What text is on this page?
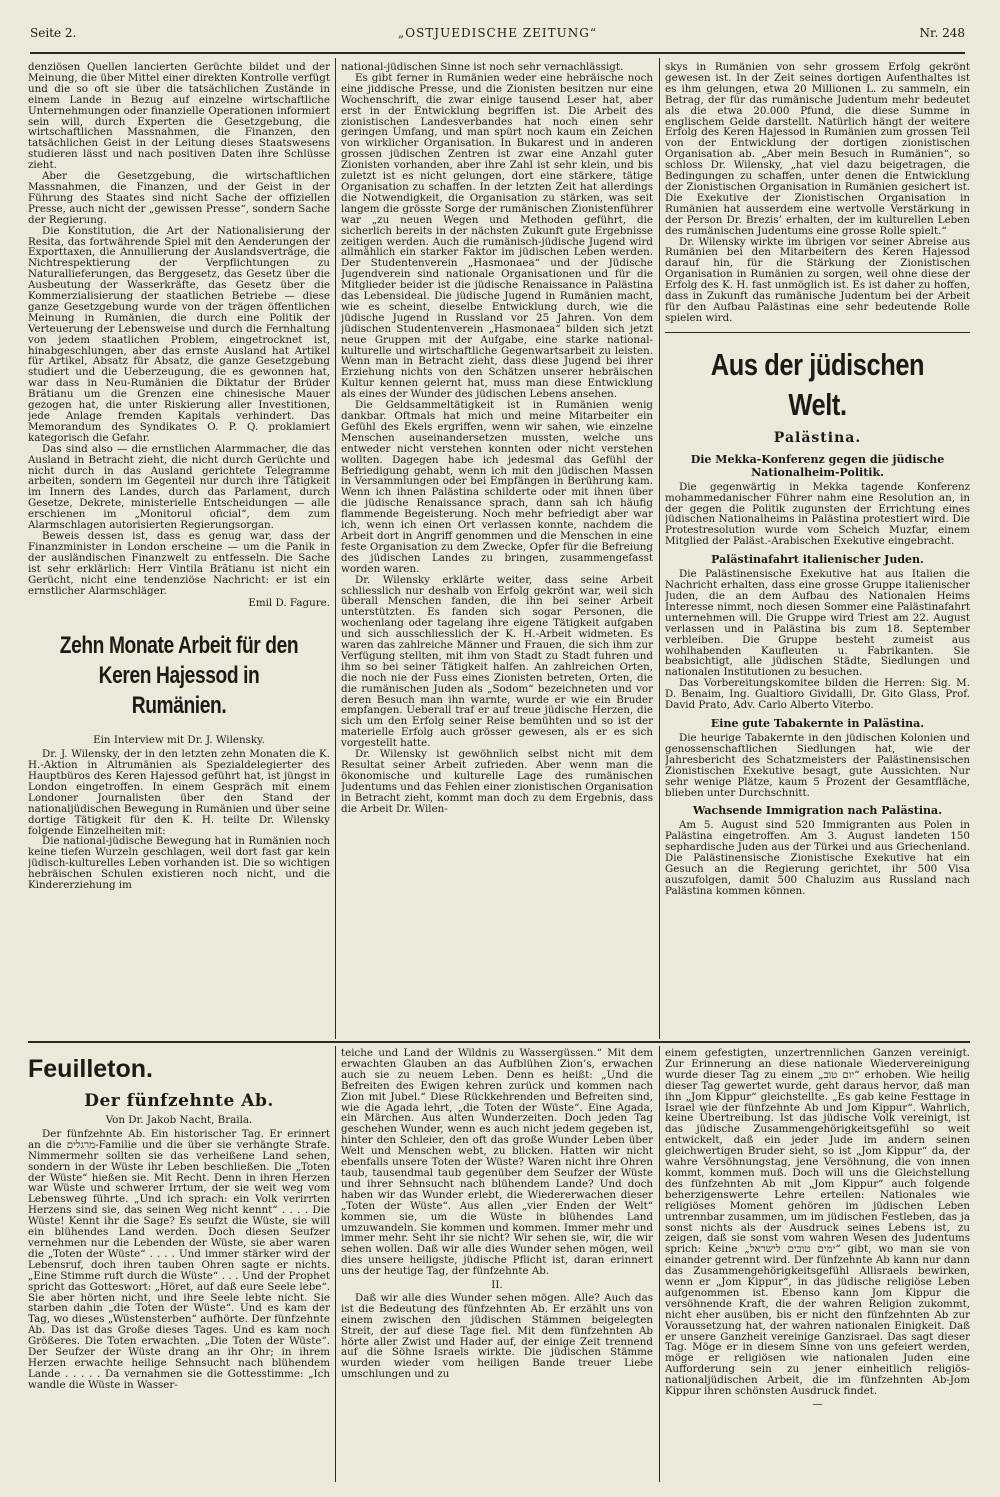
Seite 2.	„OSTJUEDISCHE ZEITUNG“	Nr. 248

denziösen Quellen lancierten Gerüchte bildet und der Meinung, die über Mittel einer direkten Kontrolle verfügt und die so oft sie über die tatsächlichen Zustände in einem Lande in Bezug auf einzelne wirtschaftliche Unternehmungen oder finanzielle Operationen informiert sein will, durch Experten die Gesetzgebung, die wirtschaftlichen Massnahmen, die Finanzen, den tatsächlichen Geist in der Leitung dieses Staatswesens studieren lässt und nach positiven Daten ihre Schlüsse zieht.

Aber die Gesetzgebung, die wirtschaftlichen Massnahmen, die Finanzen, und der Geist in der Führung des Staates sind nicht Sache der offiziellen Presse, auch nicht der „gewissen Presse“, sondern Sache der Regierung.

Die Konstitution, die Art der Nationalisierung der Resita, das fortwährende Spiel mit den Aenderungen der Exporttaxen, die Annullierung der Auslandsverträge, die Nichtrespektierung der Verpflichtungen zu Naturallieferungen, das Berggesetz, das Gesetz über die Ausbeutung der Wasserkräfte, das Gesetz über die Kommerzialisierung der staatlichen Betriebe — diese ganze Gesetzgebung wurde von der trägen öffentlichen Meinung in Rumänien, die durch eine Politik der Verteuerung der Lebensweise und durch die Fernhaltung von jedem staatlichen Problem, eingetrocknet ist, hinabgeschlungen, aber das ernste Ausland hat Artikel für Artikel, Absatz für Absatz, die ganze Gesetzgebung studiert und die Ueberzeugung, die es gewonnen hat, war dass in Neu-Rumänien die Diktatur der Brüder Brătianu um die Grenzen eine chinesische Mauer gezogen hat, die unter Riskierung aller Investitionen, jede Anlage fremden Kapitals verhindert. Das Memorandum des Syndikates O. P. Q. proklamiert kategorisch die Gefahr.

Das sind also — die ernstlichen Alarmmacher, die das Ausland in Betracht zieht, die nicht durch Gerüchte und nicht durch in das Ausland gerichtete Telegramme arbeiten, sondern im Gegenteil nur durch ihre Tätigkeit im Innern des Landes, durch das Parlament, durch Gesetze, Dekrete, ministerielle Entscheidungen — alle erschienen im „Monitorul oficial“, dem zum Alarmschlagen autorisierten Regierungsorgan.

Beweis dessen ist, dass es genug war, dass der Finanzminister in London erscheine — um die Panik in der ausländischen Finanzwelt zu entfesseln. Die Sache ist sehr erklärlich: Herr Vintila Brătianu ist nicht ein Gerücht, nicht eine tendenziöse Nachricht: er ist ein ernstlicher Alarmschläger.

Emil D. Fagure.

Zehn Monate Arbeit für den Keren Hajessod in Rumänien.

Ein Interview mit Dr. J. Wilensky.

Dr. J. Wilensky, der in den letzten zehn Monaten die K. H.-Aktion in Altrumänien als Spezialdelegierter des Hauptbüros des Keren Hajessod geführt hat, ist jüngst in London eingetroffen. In einem Gespräch mit einem Londoner Journalisten über den Stand der nationaljüdischen Bewegung in Rumänien und über seine dortige Tätigkeit für den K. H. teilte Dr. Wilensky folgende Einzelheiten mit:

Die national-jüdische Bewegung hat in Rumänien noch keine tiefen Wurzeln geschlagen, weil dort fast gar kein jüdisch-kulturelles Leben vorhanden ist. Die so wichtigen hebräischen Schulen existieren noch nicht, und die Kindererziehung im

national-jüdischen Sinne ist noch sehr vernachlässigt.

Es gibt ferner in Rumänien weder eine hebräische noch eine jiddische Presse, und die Zionisten besitzen nur eine Wochenschrift, die zwar einige tausend Leser hat, aber erst in der Entwicklung begriffen ist. Die Arbeit des zionistischen Landesverbandes hat noch einen sehr geringen Umfang, und man spürt noch kaum ein Zeichen von wirklicher Organisation. In Bukarest und in anderen grossen jüdischen Zentren ist zwar eine Anzahl guter Zionisten vorhanden, aber ihre Zahl ist sehr klein, und bis zuletzt ist es nicht gelungen, dort eine stärkere, tätige Organisation zu schaffen. In der letzten Zeit hat allerdings die Notwendigkeit, die Organisation zu stärken, was seit langem die grösste Sorge der rumänischen Zionistenführer war „zu neuen Wegen und Methoden geführt, die sicherlich bereits in der nächsten Zukunft gute Ergebnisse zeitigen werden. Auch die rumänisch-jüdische Jugend wird allmählich ein starker Faktor im jüdischen Leben werden. Der Studentenverein „Hasmonaea“ und der Jüdische Jugendverein sind nationale Organisationen und für die Mitglieder beider ist die jüdische Renaissance in Palästina das Lebensideal. Die jüdische Jugend in Rumänien macht, wie es scheint, dieselbe Entwicklung durch, wie die jüdische Jugend in Russland vor 25 Jahren. Von dem jüdischen Studentenverein „Hasmonaea“ bilden sich jetzt neue Gruppen mit der Aufgabe, eine starke national-kulturelle und wirtschaftliche Gegenwartsarbeit zu leisten. Wenn man in Betracht zieht, dass diese Jugend bei ihrer Erziehung nichts von den Schätzen unserer hebräischen Kultur kennen gelernt hat, muss man diese Entwicklung als eines der Wunder des jüdischen Lebens ansehen.

Die Geldsammeltätigkeit ist in Rumänien wenig dankbar. Oftmals hat mich und meine Mitarbeiter ein Gefühl des Ekels ergriffen, wenn wir sahen, wie einzelne Menschen auseinandersetzen mussten, welche uns entweder nicht verstehen konnten oder nicht verstehen wollten. Dagegen habe ich jedesmal das Gefühl der Befriedigung gehabt, wenn ich mit den jüdischen Massen in Versammlungen oder bei Empfängen in Berührung kam. Wenn ich ihnen Palästina schilderte oder mit ihnen über die jüdische Renaissance sprach, dann sah ich häufig flammende Begeisterung. Noch mehr befriedigt aber war ich, wenn ich einen Ort verlassen konnte, nachdem die Arbeit dort in Angriff genommen und die Menschen in eine feste Organisation zu dem Zwecke, Opfer für die Befreiung des jüdischen Landes zu bringen, zusammengefasst worden waren.

Dr. Wilensky erklärte weiter, dass seine Arbeit schliesslich nur deshalb von Erfolg gekrönt war, weil sich überall Menschen fanden, die ihn bei seiner Arbeit unterstützten. Es fanden sich sogar Personen, die wochenlang oder tagelang ihre eigene Tätigkeit aufgaben und sich ausschliesslich der K. H.-Arbeit widmeten. Es waren das zahlreiche Männer und Frauen, die sich ihm zur Verfügung stellten, mit ihm von Stadt zu Stadt fuhren und ihm so bei seiner Tätigkeit halfen. An zahlreichen Orten, die noch nie der Fuss eines Zionisten betreten, Orten, die die rumänischen Juden als „Sodom“ bezeichneten und vor deren Besuch man ihn warnte, wurde er wie ein Bruder empfangen. Ueberall traf er auf treue jüdische Herzen, die sich um den Erfolg seiner Reise bemühten und so ist der materielle Erfolg auch grösser gewesen, als er es sich vorgestellt hatte.

Dr. Wilensky ist gewöhnlich selbst nicht mit dem Resultat seiner Arbeit zufrieden. Aber wenn man die ökonomische und kulturelle Lage des rumänischen Judentums und das Fehlen einer zionistischen Organisation in Betracht zieht, kommt man doch zu dem Ergebnis, dass die Arbeit Dr. Wilen-

skys in Rumänien von sehr grossem Erfolg gekrönt gewesen ist. In der Zeit seines dortigen Aufenthaltes ist es ihm gelungen, etwa 20 Millionen L. zu sammeln, ein Betrag, der für das rumänische Judentum mehr bedeutet als die etwa 20.000 Pfund, die diese Summe in englischem Gelde darstellt. Natürlich hängt der weitere Erfolg des Keren Hajessod in Rumänien zum grossen Teil von der Entwicklung der dortigen zionistischen Organisation ab. „Aber mein Besuch in Rumänien“, so schloss Dr. Wilensky, „hat viel dazu beigetragen, die Bedingungen zu schaffen, unter denen die Entwicklung der Zionistischen Organisation in Rumänien gesichert ist. Die Exekutive der Zionistischen Organisation in Rumänien hat ausserdem eine wertvolle Verstärkung in der Person Dr. Brezis’ erhalten, der im kulturellen Leben des rumänischen Judentums eine grosse Rolle spielt.“

Dr. Wilensky wirkte im übrigen vor seiner Abreise aus Rumänien bei den Mitarbeitern des Keren Hajessod darauf hin, für die Stärkung der Zionistischen Organisation in Rumänien zu sorgen, weil ohne diese der Erfolg des K. H. fast unmöglich ist. Es ist daher zu hoffen, dass in Zukunft das rumänische Judentum bei der Arbeit für den Aufbau Palästinas eine sehr bedeutende Rolle spielen wird.

Aus der jüdischen Welt.

Palästina.

Die Mekka-Konferenz gegen die jüdische Nationalheim-Politik.

Die gegenwärtig in Mekka tagende Konferenz mohammedanischer Führer nahm eine Resolution an, in der gegen die Politik zugunsten der Errichtung eines jüdischen Nationalheims in Palästina protestiert wird. Die Protestresolution wurde vom Scheich Muzfar, einem Mitglied der Paläst.-Arabischen Exekutive eingebracht.

Palästinafahrt italienischer Juden.

Die Palästinensische Exekutive hat aus Italien die Nachricht erhalten, dass eine grosse Gruppe italienischer Juden, die an dem Aufbau des Nationalen Heims Interesse nimmt, noch diesen Sommer eine Palästinafahrt unternehmen will. Die Gruppe wird Triest am 22. August verlassen und in Palästina bis zum 18. September verbleiben. Die Gruppe besteht zumeist aus wohlhabenden Kaufleuten u. Fabrikanten. Sie beabsichtigt, alle jüdischen Städte, Siedlungen und nationalen Institutionen zu besuchen.

Das Vorbereitungskomitee bilden die Herren: Sig. M. D. Benaim, Ing. Gualtioro Gividalli, Dr. Gito Glass, Prof. David Prato, Adv. Carlo Alberto Viterbo.

Eine gute Tabakernte in Palästina.

Die heurige Tabakernte in den jüdischen Kolonien und genossenschaftlichen Siedlungen hat, wie der Jahresbericht des Schatzmeisters der Palästinensischen Zionistischen Exekutive besagt, gute Aussichten. Nur sehr wenige Plätze, kaum 5 Prozent der Gesamtfläche, blieben unter Durchschnitt.

Wachsende Immigration nach Palästina.

Am 5. August sind 520 Immigranten aus Polen in Palästina eingetroffen. Am 3. August landeten 150 sephardische Juden aus der Türkei und aus Griechenland. Die Palästinensische Zionistische Exekutive hat ein Gesuch an die Regierung gerichtet, ihr 500 Visa auszufolgen, damit 500 Chaluzim aus Russland nach Palästina kommen können.

Feuilleton.

Der fünfzehnte Ab.

Von Dr. Jakob Nacht, Braila.

Der fünfzehnte Ab. Ein historischer Tag. Er erinnert an die מרגלים-Familie und die über sie verhängte Strafe. Nimmermehr sollten sie das verheißene Land sehen, sondern in der Wüste ihr Leben beschließen. Die „Toten der Wüste“ hießen sie. Mit Recht. Denn in ihren Herzen war Wüste und schwerer Irrtum, der sie weit weg vom Lebensweg führte. „Und ich sprach: ein Volk verirrten Herzens sind sie, das seinen Weg nicht kennt“ . . . . Die Wüste! Kennt ihr die Sage? Es seufzt die Wüste, sie will ein blühendes Land werden. Doch diesen Seufzer vernehmen nur die Lebenden der Wüste, sie aber waren die „Toten der Wüste“ . . . . Und immer stärker wird der Lebensruf, doch ihren tauben Ohren sagte er nichts. „Eine Stimme ruft durch die Wüste“ . . . Und der Prophet spricht das Gotteswort: „Höret, auf daß eure Seele lebe“. Sie aber hörten nicht, und ihre Seele lebte nicht. Sie starben dahin „die Toten der Wüste“. Und es kam der Tag, wo dieses „Wüstensterben“ aufhörte. Der fünfzehnte Ab. Das ist das Große dieses Tages. Und es kam noch Größeres. Die Toten erwachten. „Die Toten der Wüste“. Der Seufzer der Wüste drang an ihr Ohr; in ihrem Herzen erwachte heilige Sehnsucht nach blühendem Lande . . . . . Da vernahmen sie die Gottesstimme: „Ich wandle die Wüste in Wasser-

teiche und Land der Wildnis zu Wassergüssen.“ Mit dem erwachten Glauben an das Aufblühen Zion’s, erwachen auch sie zu neuem Leben. Denn es heißt: „Und die Befreiten des Ewigen kehren zurück und kommen nach Zion mit Jubel.“ Diese Rückkehrenden und Befreiten sind, wie die Agada lehrt, „die Toten der Wüste“. Eine Agada, ein Märchen. Aus alten Wunderzeiten. Doch jeden Tag geschehen Wunder, wenn es auch nicht jedem gegeben ist, hinter den Schleier, den oft das große Wunder Leben über Welt und Menschen webt, zu blicken. Hatten wir nicht ebenfalls unsere Toten der Wüste? Waren nicht ihre Ohren taub, tausendmal taub gegenüber dem Seufzer der Wüste und ihrer Sehnsucht nach blühendem Lande? Und doch haben wir das Wunder erlebt, die Wiedererwachen dieser „Toten der Wüste“. Aus allen „vier Enden der Welt“ kommen sie, um die Wüste in blühendes Land umzuwandeln. Sie kommen und kommen. Immer mehr und immer mehr. Seht ihr sie nicht? Wir sehen sie, wir, die wir sehen wollen. Daß wir alle dies Wunder sehen mögen, weil dies unsere heiligste, jüdische Pflicht ist, daran erinnert uns der heutige Tag, der fünfzehnte Ab.

II.

Daß wir alle dies Wunder sehen mögen. Alle? Auch das ist die Bedeutung des fünfzehnten Ab. Er erzählt uns von einem zwischen den jüdischen Stämmen beigelegten Streit, der auf diese Tage fiel. Mit dem fünfzehnten Ab hörte aller Zwist und Hader auf, der einige Zeit trennend auf die Söhne Israels wirkte. Die jüdischen Stämme wurden wieder vom heiligen Bande treuer Liebe umschlungen und zu

einem gefestigten, unzertrennlichen Ganzen vereinigt. Zur Erinnerung an diese nationale Wiedervereinigung wurde dieser Tag zu einem „יום טוב“ erhoben. Wie heilig dieser Tag gewertet wurde, geht daraus hervor, daß man ihn „Jom Kippur“ gleichstellte. „Es gab keine Festtage in Israel wie der fünfzehnte Ab und Jom Kippur“. Wahrlich, keine Übertreibung. Ist das jüdische Volk vereinigt, ist das jüdische Zusammengehörigkeitsgefühl so weit entwickelt, daß ein jeder Jude im andern seinen gleichwertigen Bruder sieht, so ist „Jom Kippur“ da, der wahre Versöhnungstag, jene Versöhnung, die von innen kommt, kommen muß. Doch will uns die Gleichstellung des fünfzehnten Ab mit „Jom Kippur“ auch folgende beherzigenswerte Lehre erteilen: Nationales wie religiöses Moment gehören im jüdischen Leben untrennbar zusammen, um im jüdischen Festleben, das ja sonst nichts als der Ausdruck seines Lebens ist, zu zeigen, daß sie sonst vom wahren Wesen des Judentums sprich: Keine „ימים טובים לישראל“ gibt, wo man sie von einander getrennt wird. Der fünfzehnte Ab kann nur dann das Zusammengehörigkeitsgefühl Allisraels bewirken, wenn er „Jom Kippur“, in das jüdische religiöse Leben aufgenommen ist. Ebenso kann Jom Kippur die versöhnende Kraft, die der wahren Religion zukommt, nicht eher ausüben, bis er nicht den fünfzehnten Ab zur Voraussetzung hat, der wahren nationalen Einigkeit. Daß er unsere Ganzheit vereinige Ganzisrael. Das sagt dieser Tag. Möge er in diesem Sinne von uns gefeiert werden, möge er religiösen wie nationalen Juden eine Aufforderung sein zu jener einheitlich religiös-nationaljüdischen Arbeit, die im fünfzehnten Ab-Jom Kippur ihren schönsten Ausdruck findet.

—
